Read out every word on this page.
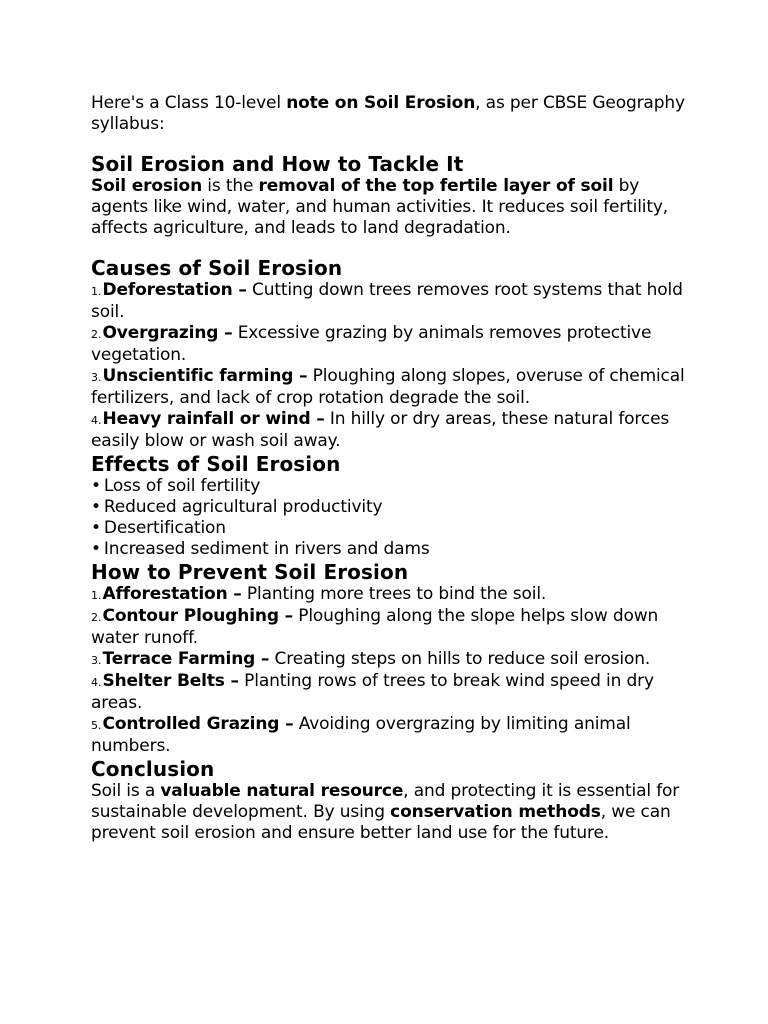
Here's a Class 10-level note on Soil Erosion, as per CBSE Geography syllabus:

Soil Erosion and How to Tackle It

Soil erosion is the removal of the top fertile layer of soil by agents like wind, water, and human activities. It reduces soil fertility, affects agriculture, and leads to land degradation.

Causes of Soil Erosion
1.Deforestation – Cutting down trees removes root systems that hold soil.
2.Overgrazing – Excessive grazing by animals removes protective vegetation.
3.Unscientific farming – Ploughing along slopes, overuse of chemical fertilizers, and lack of crop rotation degrade the soil.
4.Heavy rainfall or wind – In hilly or dry areas, these natural forces easily blow or wash soil away.
Effects of Soil Erosion
• Loss of soil fertility
• Reduced agricultural productivity
• Desertification
• Increased sediment in rivers and dams
How to Prevent Soil Erosion
1.Afforestation – Planting more trees to bind the soil.
2.Contour Ploughing – Ploughing along the slope helps slow down water runoff.
3.Terrace Farming – Creating steps on hills to reduce soil erosion.
4.Shelter Belts – Planting rows of trees to break wind speed in dry areas.
5.Controlled Grazing – Avoiding overgrazing by limiting animal numbers.
Conclusion

Soil is a valuable natural resource, and protecting it is essential for sustainable development. By using conservation methods, we can prevent soil erosion and ensure better land use for the future.
